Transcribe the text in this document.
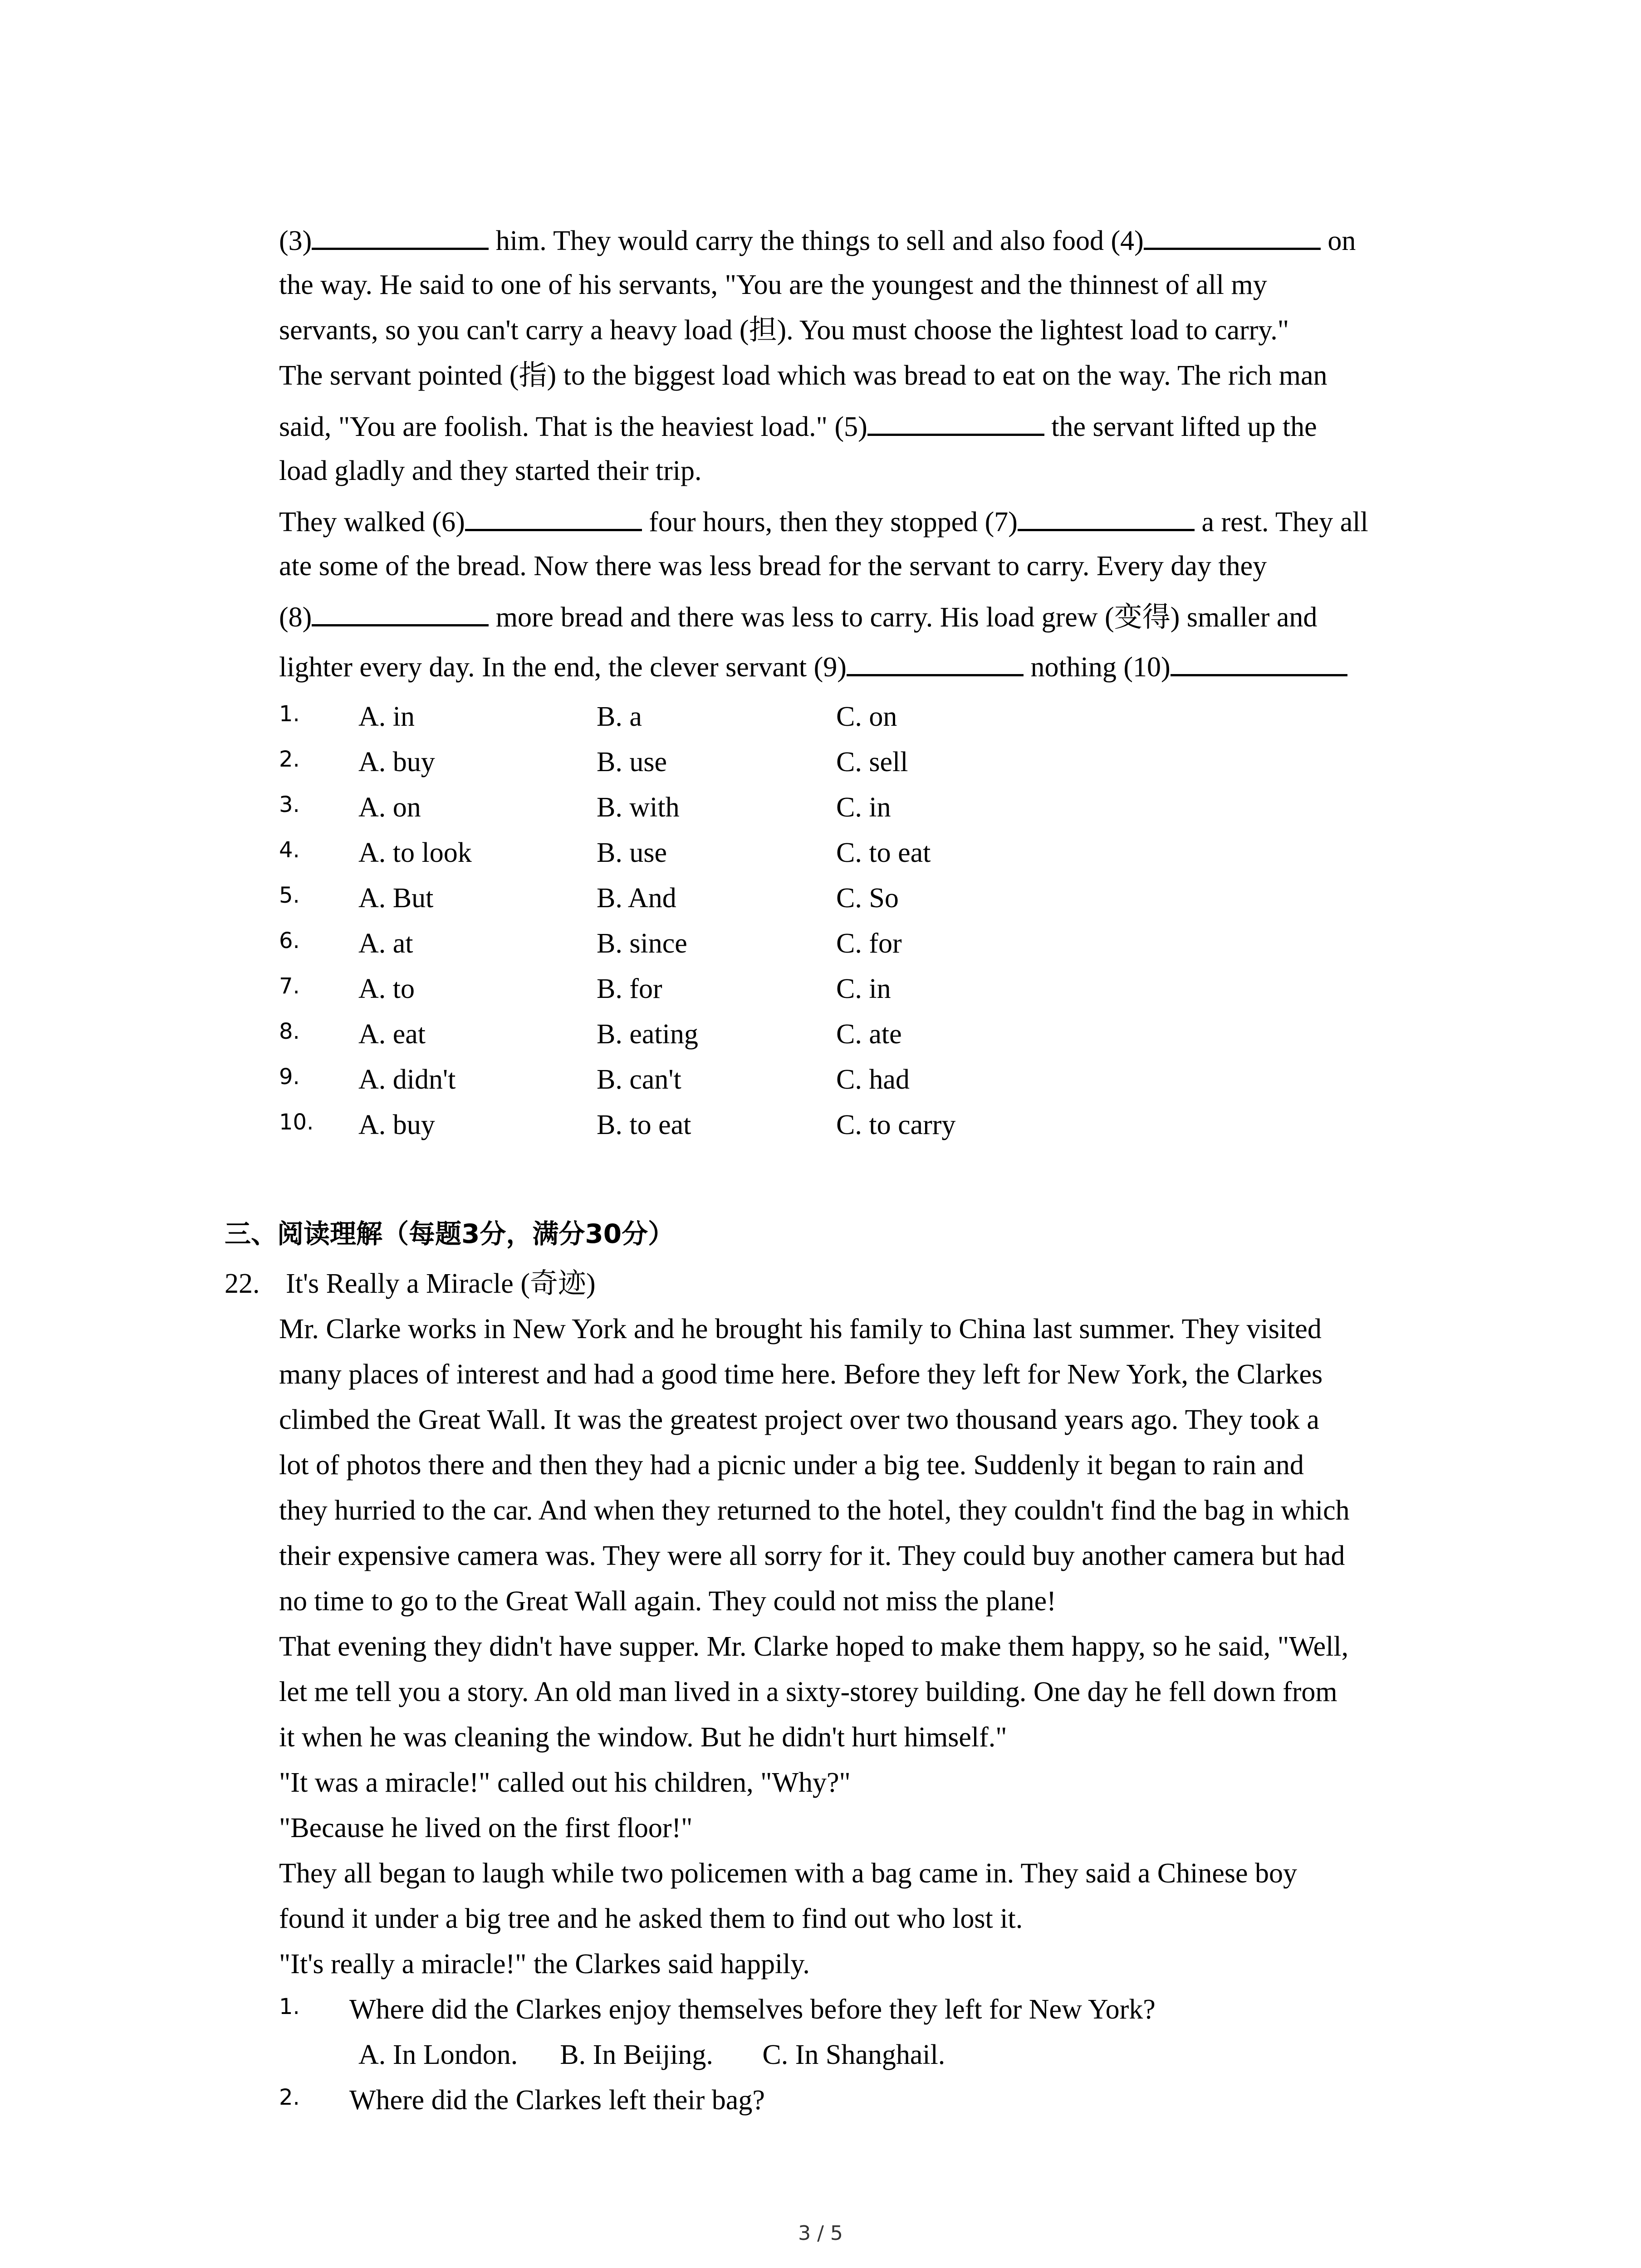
(3)	him. They would carry the things to sell and also food (4)	on
the way. He said to one of his servants, "You are the youngest and the thinnest of all my
servants, so you can't carry a heavy load (担). You must choose the lightest load to carry."
The servant pointed (指) to the biggest load which was bread to eat on the way. The rich man
said, "You are foolish. That is the heaviest load." (5)	the servant lifted up the
load gladly and they started their trip.
They walked (6)	four hours, then they stopped (7)	a rest. They all
ate some of the bread. Now there was less bread for the servant to carry. Every day they
(8)	more bread and there was less to carry. His load grew (变得) smaller and
lighter every day. In the end, the clever servant (9)	nothing (10)
1. A. in	B. a	C. on
2. A. buy	B. use	C. sell
3. A. on	B. with	C. in
4. A. to look	B. use	C. to eat
5. A. But	B. And	C. So
6. A. at	B. since	C. for
7. A. to	B. for	C. in
8. A. eat	B. eating	C. ate
9. A. didn't	B. can't	C. had
10. A. buy	B. to eat	C. to carry
三、阅读理解（每题3分，满分30分）
22. It's Really a Miracle (奇迹)
Mr. Clarke works in New York and he brought his family to China last summer. They visited
many places of interest and had a good time here. Before they left for New York, the Clarkes
climbed the Great Wall. It was the greatest project over two thousand years ago. They took a
lot of photos there and then they had a picnic under a big tee. Suddenly it began to rain and
they hurried to the car. And when they returned to the hotel, they couldn't find the bag in which
their expensive camera was. They were all sorry for it. They could buy another camera but had
no time to go to the Great Wall again. They could not miss the plane!
That evening they didn't have supper. Mr. Clarke hoped to make them happy, so he said, "Well,
let me tell you a story. An old man lived in a sixty-storey building. One day he fell down from
it when he was cleaning the window. But he didn't hurt himself."
"It was a miracle!" called out his children, "Why?"
"Because he lived on the first floor!"
They all began to laugh while two policemen with a bag came in. They said a Chinese boy
found it under a big tree and he asked them to find out who lost it.
"It's really a miracle!" the Clarkes said happily.
1. Where did the Clarkes enjoy themselves before they left for New York?
A. In London.      B. In Beijing.       C. In Shanghail.
2. Where did the Clarkes left their bag?
3 / 5
